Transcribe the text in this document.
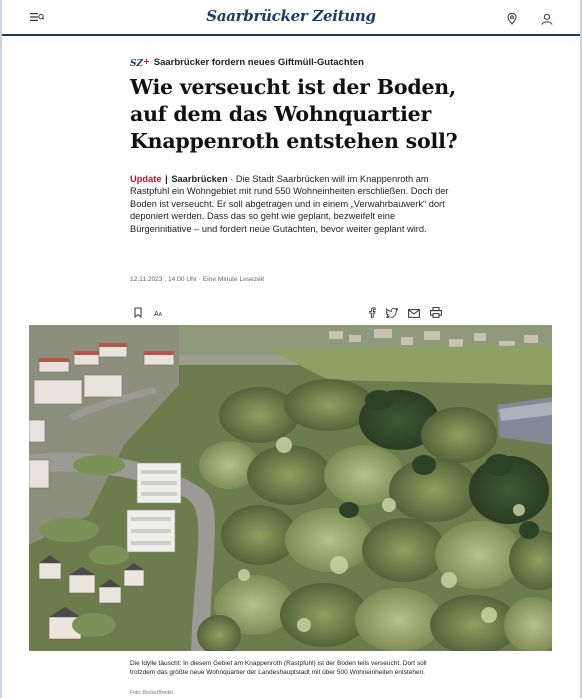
Saarbrücker Zeitung
SZ+ Saarbrücker fordern neues Giftmüll-Gutachten
Wie verseucht ist der Boden, auf dem das Wohnquartier Knappenroth entstehen soll?

Update | Saarbrücken · Die Stadt Saarbrücken will im Knappenroth am Rastpfuhl ein Wohngebiet mit rund 550 Wohneinheiten erschließen. Doch der Boden ist verseucht. Er soll abgetragen und in einem „Verwahrbauwerk“ dort deponiert werden. Dass das so geht wie geplant, bezweifelt eine Bürgerinitiative – und fordert neue Gutachten, bevor weiter geplant wird.

12.11.2023 , 14:00 Uhr · Eine Minute Lesezeit
AA

Die Idylle täuscht: In diesem Gebiet am Knappenroth (Rastpfuhl) ist der Boden teils verseucht. Dort soll trotzdem das größte neue Wohnquartier der Landeshauptstadt mit über 500 Wohneinheiten entstehen.

Foto: BeckerBredel
